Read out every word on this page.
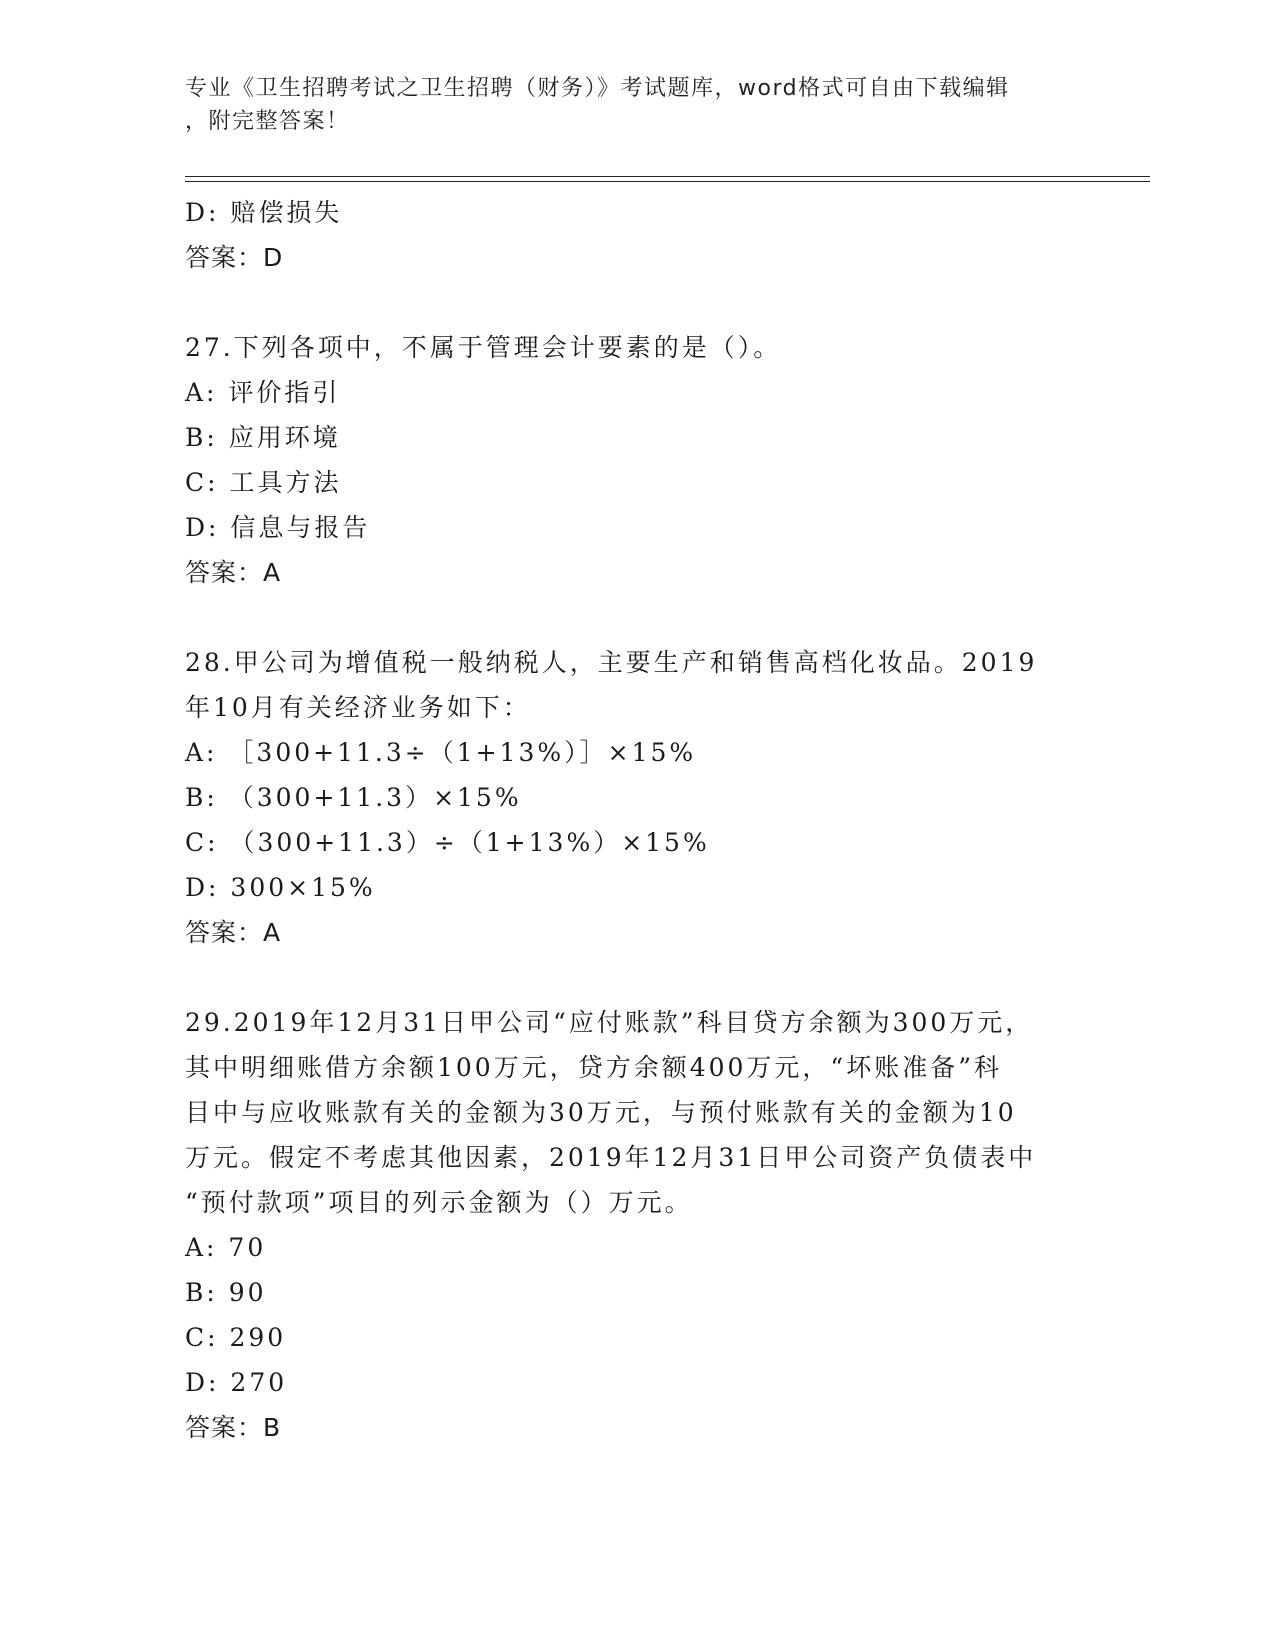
专业《卫生招聘考试之卫生招聘（财务）》考试题库，word格式可自由下载编辑
，附完整答案！
D: 赔偿损失
答案：D
27.下列各项中，不属于管理会计要素的是（）。
A: 评价指引
B: 应用环境
C: 工具方法
D: 信息与报告
答案：A
28.甲公司为增值税一般纳税人，主要生产和销售高档化妆品。2019
年10月有关经济业务如下：
A: ［300+11.3÷（1+13%）］×15%
B: （300+11.3）×15%
C: （300+11.3）÷（1+13%）×15%
D: 300×15%
答案：A
29.2019年12月31日甲公司“应付账款”科目贷方余额为300万元，
其中明细账借方余额100万元，贷方余额400万元，“坏账准备”科
目中与应收账款有关的金额为30万元，与预付账款有关的金额为10
万元。假定不考虑其他因素，2019年12月31日甲公司资产负债表中
“预付款项”项目的列示金额为（）万元。
A: 70
B: 90
C: 290
D: 270
答案：B
